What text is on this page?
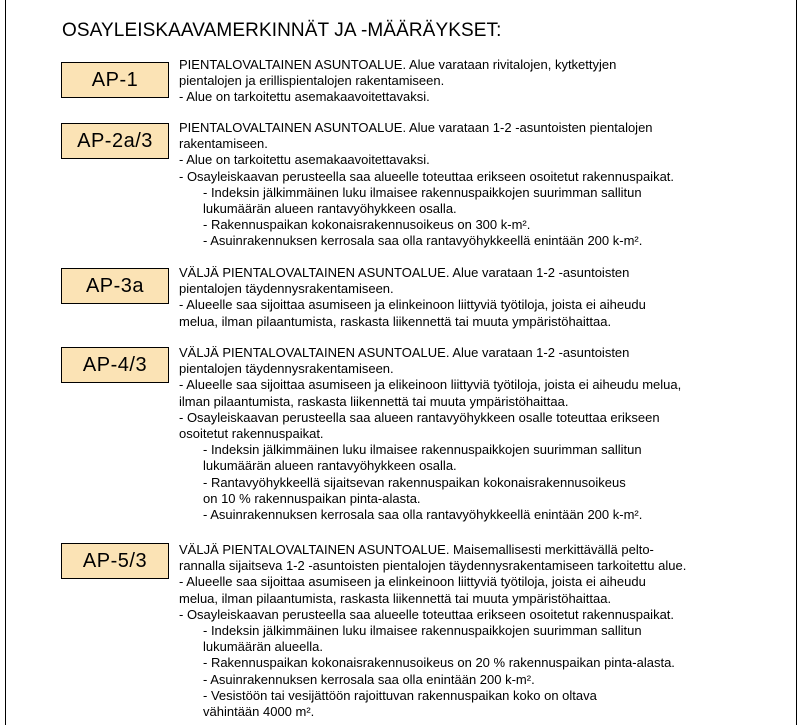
OSAYLEISKAAVAMERKINNÄT JA -MÄÄRÄYKSET:
AP-1
PIENTALOVALTAINEN ASUNTOALUE. Alue varataan rivitalojen, kytkettyjen
pientalojen ja erillispientalojen rakentamiseen.
- Alue on tarkoitettu asemakaavoitettavaksi.
AP-2a/3
PIENTALOVALTAINEN ASUNTOALUE. Alue varataan 1-2 -asuntoisten pientalojen
rakentamiseen.
- Alue on tarkoitettu asemakaavoitettavaksi.
- Osayleiskaavan perusteella saa alueelle toteuttaa erikseen osoitetut rakennuspaikat.
- Indeksin jälkimmäinen luku ilmaisee rakennuspaikkojen suurimman sallitun
lukumäärän alueen rantavyöhykkeen osalla.
- Rakennuspaikan kokonaisrakennusoikeus on 300 k-m².
- Asuinrakennuksen kerrosala saa olla rantavyöhykkeellä enintään 200 k-m².
AP-3a
VÄLJÄ PIENTALOVALTAINEN ASUNTOALUE. Alue varataan 1-2 -asuntoisten
pientalojen täydennysrakentamiseen.
- Alueelle saa sijoittaa asumiseen ja elinkeinoon liittyviä työtiloja, joista ei aiheudu
melua, ilman pilaantumista, raskasta liikennettä tai muuta ympäristöhaittaa.
AP-4/3
VÄLJÄ PIENTALOVALTAINEN ASUNTOALUE. Alue varataan 1-2 -asuntoisten
pientalojen täydennysrakentamiseen.
- Alueelle saa sijoittaa asumiseen ja elikeinoon liittyviä työtiloja, joista ei aiheudu melua,
ilman pilaantumista, raskasta liikennettä tai muuta ympäristöhaittaa.
- Osayleiskaavan perusteella saa alueen rantavyöhykkeen osalle toteuttaa erikseen
osoitetut rakennuspaikat.
- Indeksin jälkimmäinen luku ilmaisee rakennuspaikkojen suurimman sallitun
lukumäärän alueen rantavyöhykkeen osalla.
- Rantavyöhykkeellä sijaitsevan rakennuspaikan kokonaisrakennusoikeus
on 10 % rakennuspaikan pinta-alasta.
- Asuinrakennuksen kerrosala saa olla rantavyöhykkeellä enintään 200 k-m².
AP-5/3	VÄLJÄ PIENTALOVALTAINEN ASUNTOALUE. Maisemallisesti merkittävällä pelto-
rannalla sijaitseva 1-2 -asuntoisten pientalojen täydennysrakentamiseen tarkoitettu alue.
- Alueelle saa sijoittaa asumiseen ja elinkeinoon liittyviä työtiloja, joista ei aiheudu
melua, ilman pilaantumista, raskasta liikennettä tai muuta ympäristöhaittaa.
- Osayleiskaavan perusteella saa alueelle toteuttaa erikseen osoitetut rakennuspaikat.
- Indeksin jälkimmäinen luku ilmaisee rakennuspaikkojen suurimman sallitun
lukumäärän alueella.
- Rakennuspaikan kokonaisrakennusoikeus on 20 % rakennuspaikan pinta-alasta.
- Asuinrakennuksen kerrosala saa olla enintään 200 k-m².
- Vesistöön tai vesijättöön rajoittuvan rakennuspaikan koko on oltava
vähintään 4000 m².
